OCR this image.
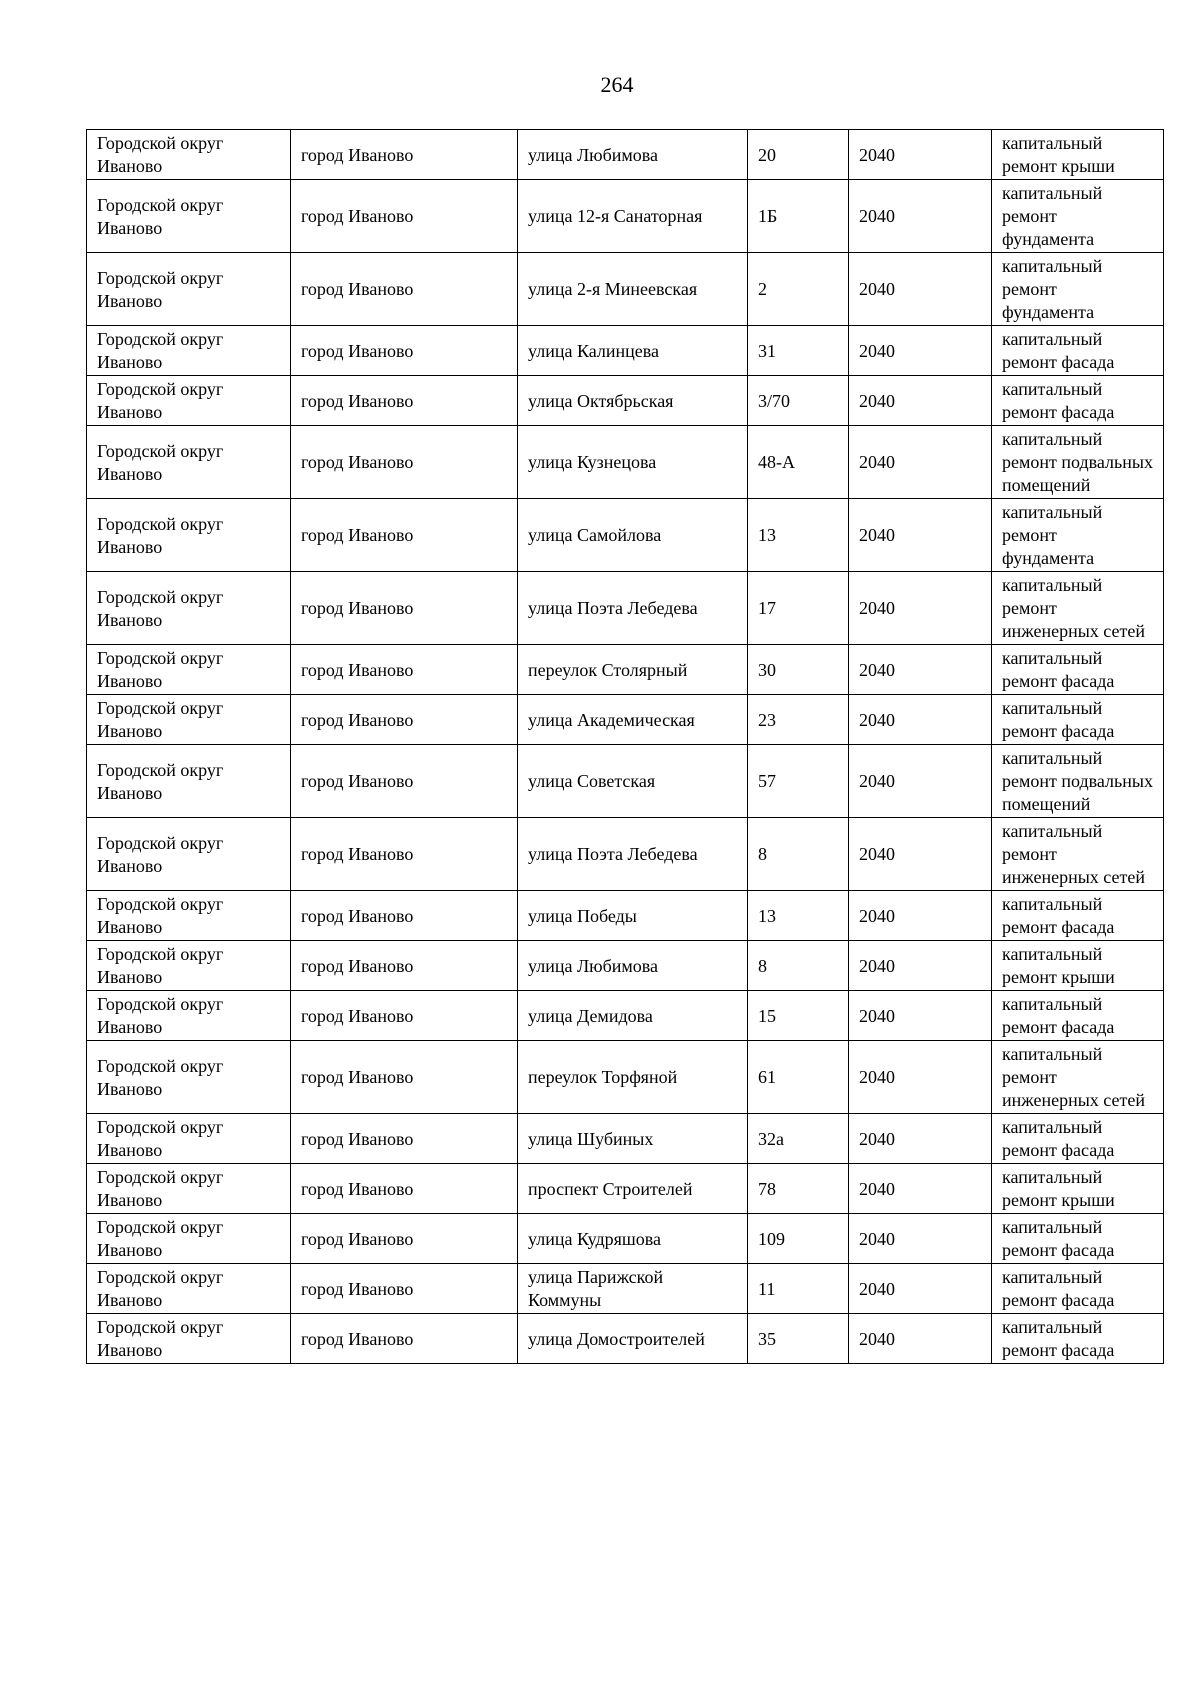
264
Городской округ Иваново	город Иваново	улица Любимова	20	2040	капитальный ремонт крыши
Городской округ Иваново	город Иваново	улица 12-я Санаторная	1Б	2040	капитальный ремонт фундамента
Городской округ Иваново	город Иваново	улица 2-я Минеевская	2	2040	капитальный ремонт фундамента
Городской округ Иваново	город Иваново	улица Калинцева	31	2040	капитальный ремонт фасада
Городской округ Иваново	город Иваново	улица Октябрьская	3/70	2040	капитальный ремонт фасада
Городской округ Иваново	город Иваново	улица Кузнецова	48-А	2040	капитальный ремонт подвальных помещений
Городской округ Иваново	город Иваново	улица Самойлова	13	2040	капитальный ремонт фундамента
Городской округ Иваново	город Иваново	улица Поэта Лебедева	17	2040	капитальный ремонт инженерных сетей
Городской округ Иваново	город Иваново	переулок Столярный	30	2040	капитальный ремонт фасада
Городской округ Иваново	город Иваново	улица Академическая	23	2040	капитальный ремонт фасада
Городской округ Иваново	город Иваново	улица Советская	57	2040	капитальный ремонт подвальных помещений
Городской округ Иваново	город Иваново	улица Поэта Лебедева	8	2040	капитальный ремонт инженерных сетей
Городской округ Иваново	город Иваново	улица Победы	13	2040	капитальный ремонт фасада
Городской округ Иваново	город Иваново	улица Любимова	8	2040	капитальный ремонт крыши
Городской округ Иваново	город Иваново	улица Демидова	15	2040	капитальный ремонт фасада
Городской округ Иваново	город Иваново	переулок Торфяной	61	2040	капитальный ремонт инженерных сетей
Городской округ Иваново	город Иваново	улица Шубиных	32а	2040	капитальный ремонт фасада
Городской округ Иваново	город Иваново	проспект Строителей	78	2040	капитальный ремонт крыши
Городской округ Иваново	город Иваново	улица Кудряшова	109	2040	капитальный ремонт фасада
Городской округ Иваново	город Иваново	улица Парижской Коммуны	11	2040	капитальный ремонт фасада
Городской округ Иваново	город Иваново	улица Домостроителей	35	2040	капитальный ремонт фасада
